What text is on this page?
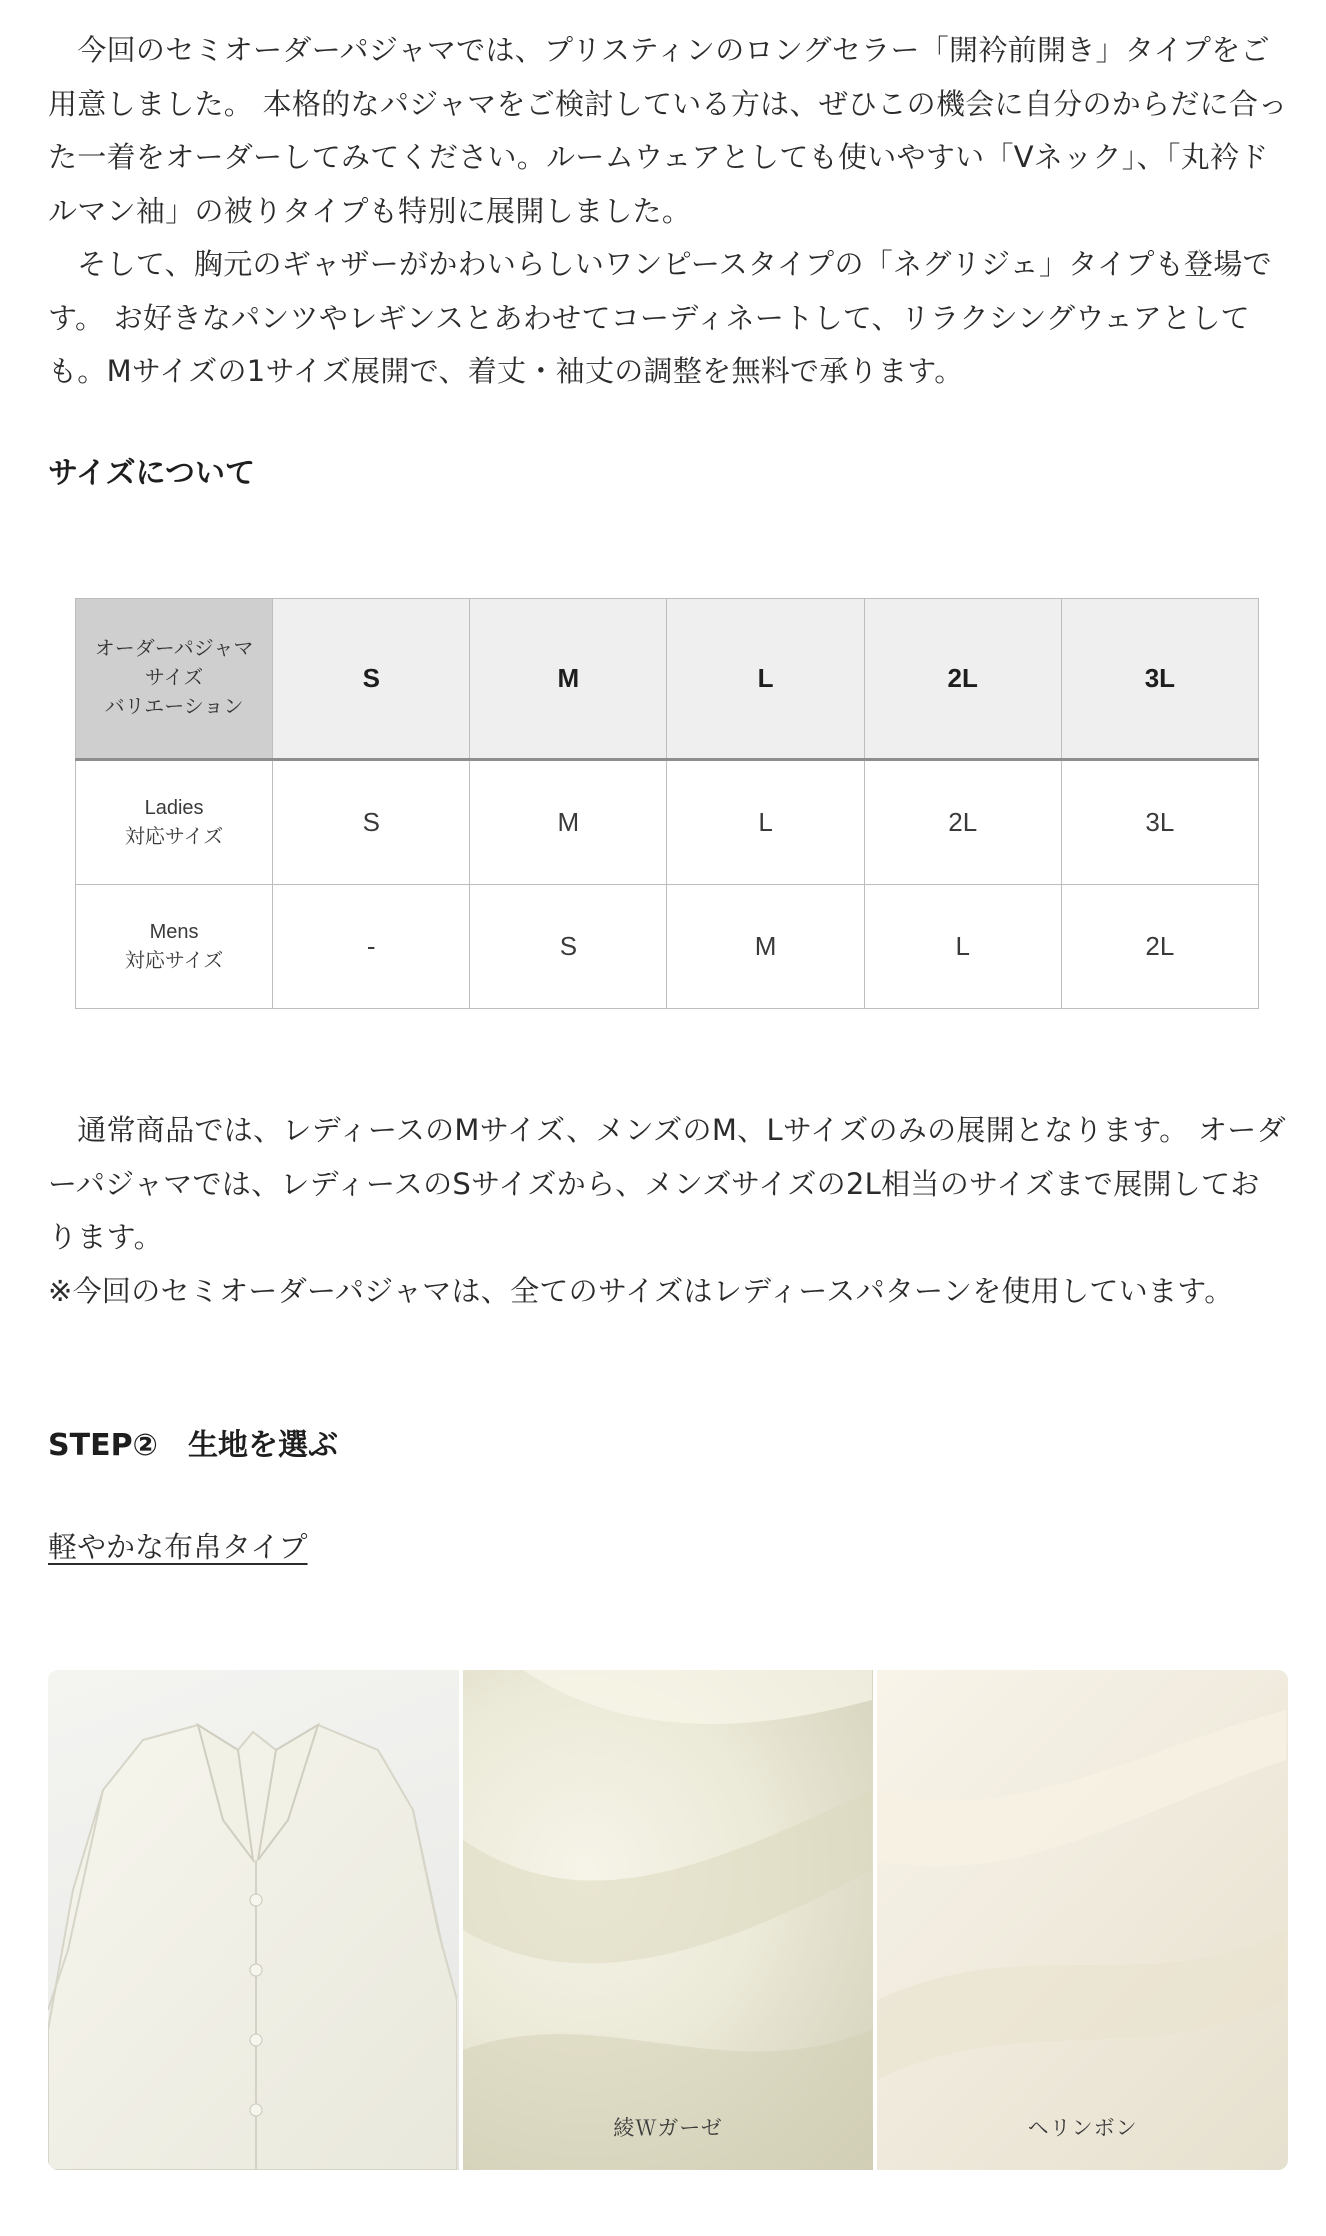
　今回のセミオーダーパジャマでは、プリスティンのロングセラー「開衿前開き」タイプをご用意しました。 本格的なパジャマをご検討している方は、ぜひこの機会に自分のからだに合った一着をオーダーしてみてください。ルームウェアとしても使いやすい「Vネック」、「丸衿ドルマン袖」の被りタイプも特別に展開しました。

　そして、胸元のギャザーがかわいらしいワンピースタイプの「ネグリジェ」タイプも登場です。 お好きなパンツやレギンスとあわせてコーディネートして、リラクシングウェアとしても。Mサイズの1サイズ展開で、着丈・袖丈の調整を無料で承ります。

サイズについて
オーダーパジャマ
サイズ
バリエーション	S	M	L	2L	3L

Ladies
対応サイズ	S	M	L	2L	3L

Mens
対応サイズ	-	S	M	L	2L

　通常商品では、レディースのMサイズ、メンズのM、Lサイズのみの展開となります。 オーダーパジャマでは、レディースのSサイズから、メンズサイズの2L相当のサイズまで展開しております。

※今回のセミオーダーパジャマは、全てのサイズはレディースパターンを使用しています。

STEP②　生地を選ぶ
軽やかな布帛タイプ
綾Ｗガーゼ	ヘリンボン
